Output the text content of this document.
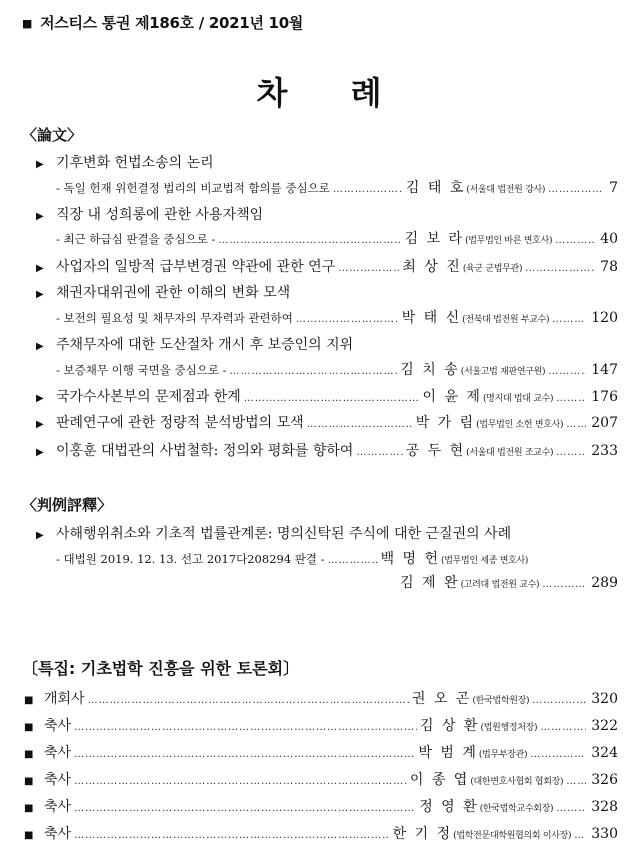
■ 저스티스 통권 제186호 / 2021년 10월
차 례
〈論文〉
▶ 기후변화 헌법소송의 논리
- 독일 헌재 위헌결정 법리의 비교법적 함의를 중심으로 ……………………………………………………………………………………………………………………………………………………………………………………………………	김 태 호 (서울대 법전원 강사) ……………………………………………………………………………………………………………………………………………………………………………………………………	7
▶ 직장 내 성희롱에 관한 사용자책임
- 최근 하급심 판결을 중심으로 - ……………………………………………………………………………………………………………………………………………………………………………………………………	김 보 라 (법무법인 바른 변호사) ……………………………………………………………………………………………………………………………………………………………………………………………………	40
▶ 사업자의 일방적 급부변경권 약관에 관한 연구 ……………………………………………………………………………………………………………………………………………………………………………………………………	최 상 진 (육군 군법무관) ……………………………………………………………………………………………………………………………………………………………………………………………………	78
▶ 채권자대위권에 관한 이해의 변화 모색
- 보전의 필요성 및 채무자의 무자력과 관련하여 ……………………………………………………………………………………………………………………………………………………………………………………………………	박 태 신 (전북대 법전원 부교수) ……………………………………………………………………………………………………………………………………………………………………………………………………	120
▶ 주채무자에 대한 도산절차 개시 후 보증인의 지위
- 보증채무 이행 국면을 중심으로 - ……………………………………………………………………………………………………………………………………………………………………………………………………	김 치 송 (서울고법 재판연구원) ……………………………………………………………………………………………………………………………………………………………………………………………………	147
▶ 국가수사본부의 문제점과 한계 ……………………………………………………………………………………………………………………………………………………………………………………………………	이 윤 제 (명지대 법대 교수) ……………………………………………………………………………………………………………………………………………………………………………………………………	176
▶ 판례연구에 관한 정량적 분석방법의 모색 ……………………………………………………………………………………………………………………………………………………………………………………………………	박 가 림 (법무법인 소헌 변호사) …………………………………………………………………………………………………………………………………………………………………………………………………… 207
▶ 이홍훈 대법관의 사법철학: 정의와 평화를 향하여 ……………………………………………………………………………………………………………………………………………………………………………………………………	공 두 현 (서울대 법전원 조교수) ……………………………………………………………………………………………………………………………………………………………………………………………………	233
〈判例評釋〉
▶ 사해행위취소와 기초적 법률관계론: 명의신탁된 주식에 대한 근질권의 사례
- 대법원 2019. 12. 13. 선고 2017다208294 판결 - ……………………………………………………………………………………………………………………………………………………………………………………………………	백 명 헌 (법무법인 세종 변호사)
김 제 완 (고려대 법전원 교수) ……………………………………………………………………………………………………………………………………………………………………………………………………	289
〔특집: 기초법학 진흥을 위한 토론회〕
■ 개회사 ……………………………………………………………………………………………………………………………………………………………………………………………………	권 오 곤 (한국법학원장) ……………………………………………………………………………………………………………………………………………………………………………………………………	320
■ 축사 ……………………………………………………………………………………………………………………………………………………………………………………………………	김 상 환 (법원행정처장) ……………………………………………………………………………………………………………………………………………………………………………………………………	322
■ 축사 ……………………………………………………………………………………………………………………………………………………………………………………………………	박 범 계 (법무부장관) ……………………………………………………………………………………………………………………………………………………………………………………………………	324
■ 축사 ……………………………………………………………………………………………………………………………………………………………………………………………………	이 종 엽 (대한변호사협회 협회장) …………………………………………………………………………………………………………………………………………………………………………………………………… 326
■ 축사 ……………………………………………………………………………………………………………………………………………………………………………………………………	정 영 환 (한국법학교수회장) ……………………………………………………………………………………………………………………………………………………………………………………………………	328
■ 축사 ……………………………………………………………………………………………………………………………………………………………………………………………………	한 기 정 (법학전문대학원협의회 이사장) …………………………………………………………………………………………………………………………………………………………………………………………………… 330
